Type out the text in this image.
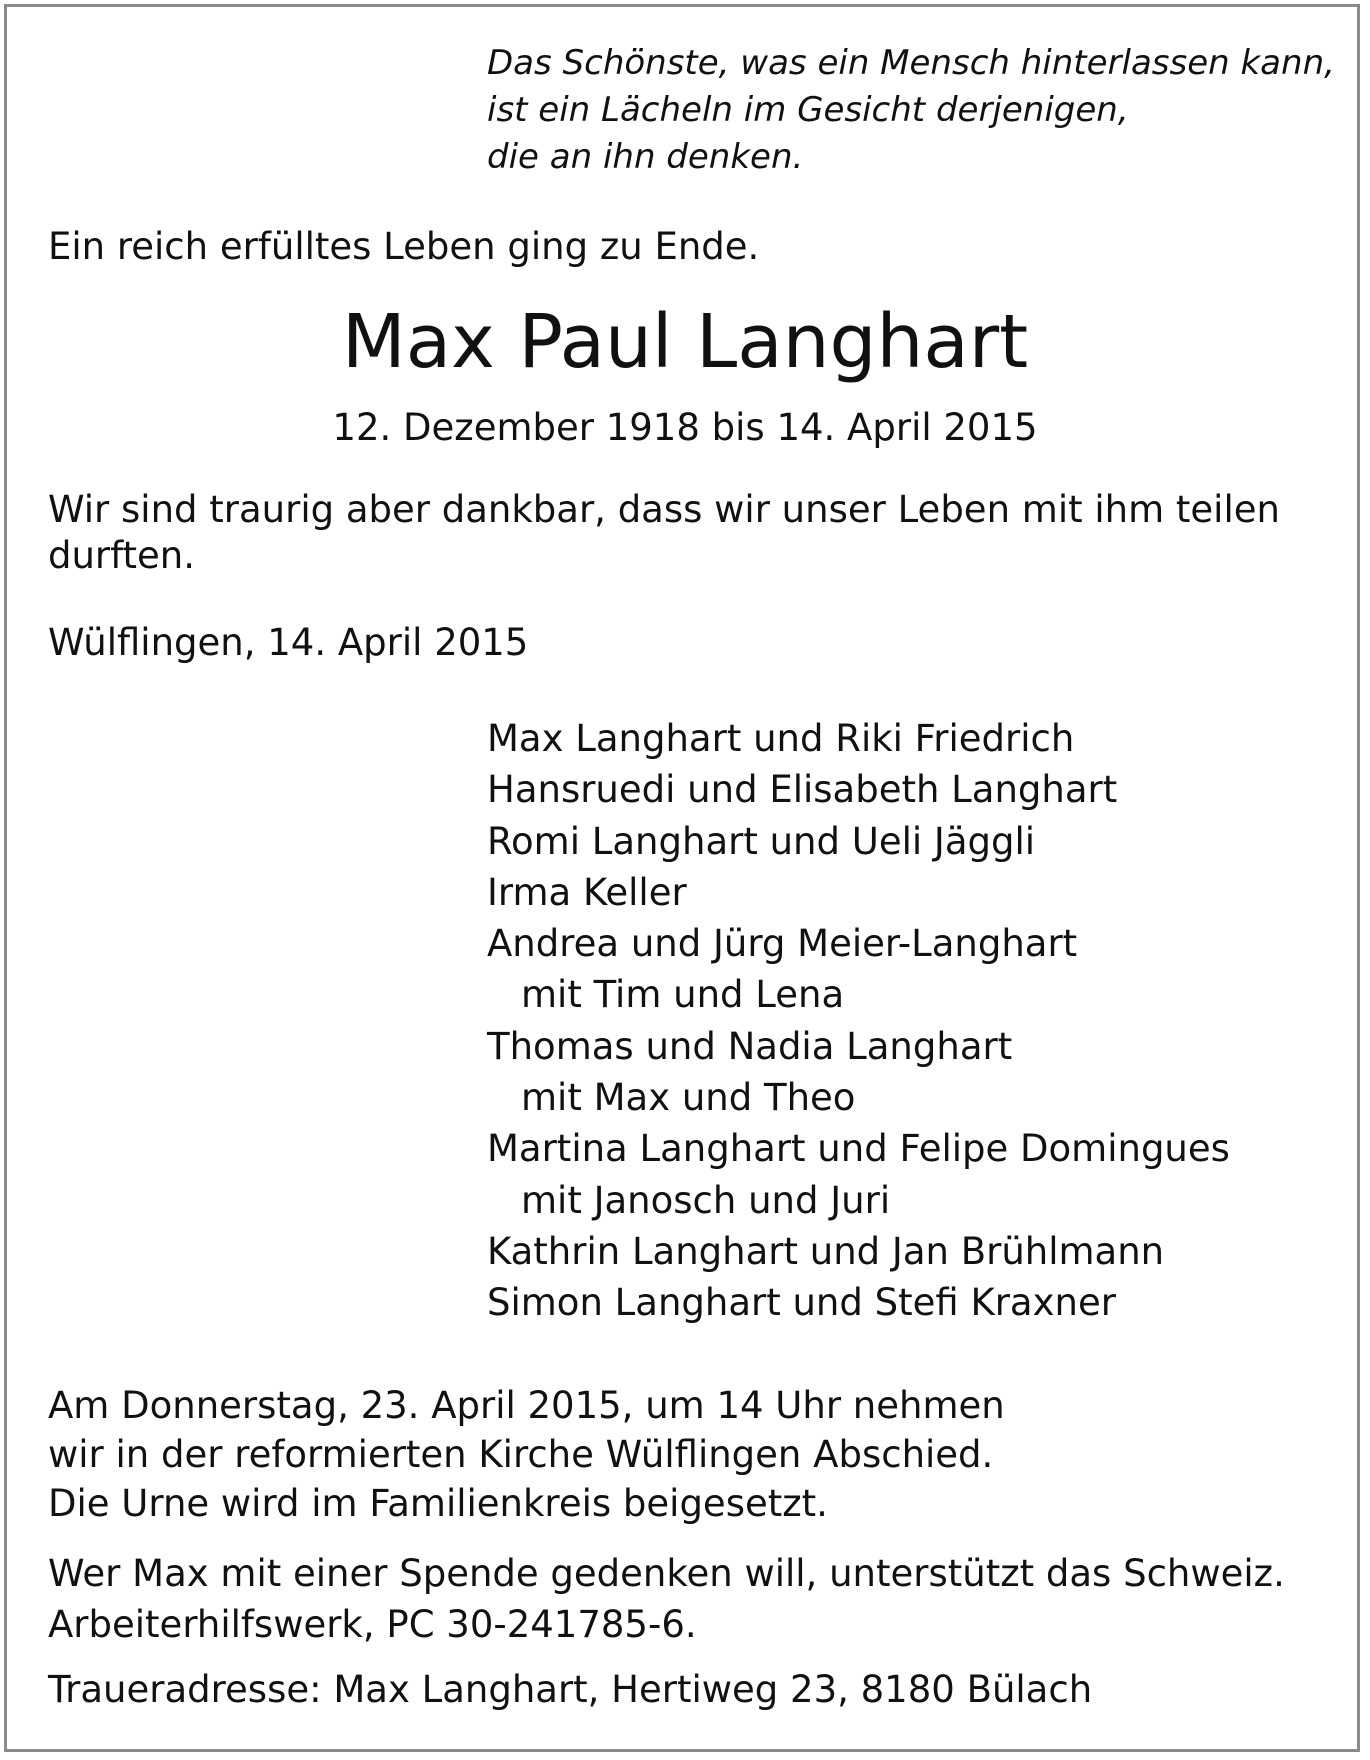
Das Schönste, was ein Mensch hinterlassen kann,
ist ein Lächeln im Gesicht derjenigen,
die an ihn denken.

Ein reich erfülltes Leben ging zu Ende.

Max Paul Langhart

12. Dezember 1918 bis 14. April 2015

Wir sind traurig aber dankbar, dass wir unser Leben mit ihm teilen
durften.

Wülflingen, 14. April 2015

Max Langhart und Riki Friedrich
Hansruedi und Elisabeth Langhart
Romi Langhart und Ueli Jäggli
Irma Keller
Andrea und Jürg Meier-Langhart
mit Tim und Lena
Thomas und Nadia Langhart
mit Max und Theo
Martina Langhart und Felipe Domingues
mit Janosch und Juri
Kathrin Langhart und Jan Brühlmann
Simon Langhart und Stefi Kraxner
Am Donnerstag, 23. April 2015, um 14 Uhr nehmen
wir in der reformierten Kirche Wülflingen Abschied.
Die Urne wird im Familienkreis beigesetzt.
Wer Max mit einer Spende gedenken will, unterstützt das Schweiz.
Arbeiterhilfswerk, PC 30-241785-6.

Traueradresse: Max Langhart, Hertiweg 23, 8180 Bülach
